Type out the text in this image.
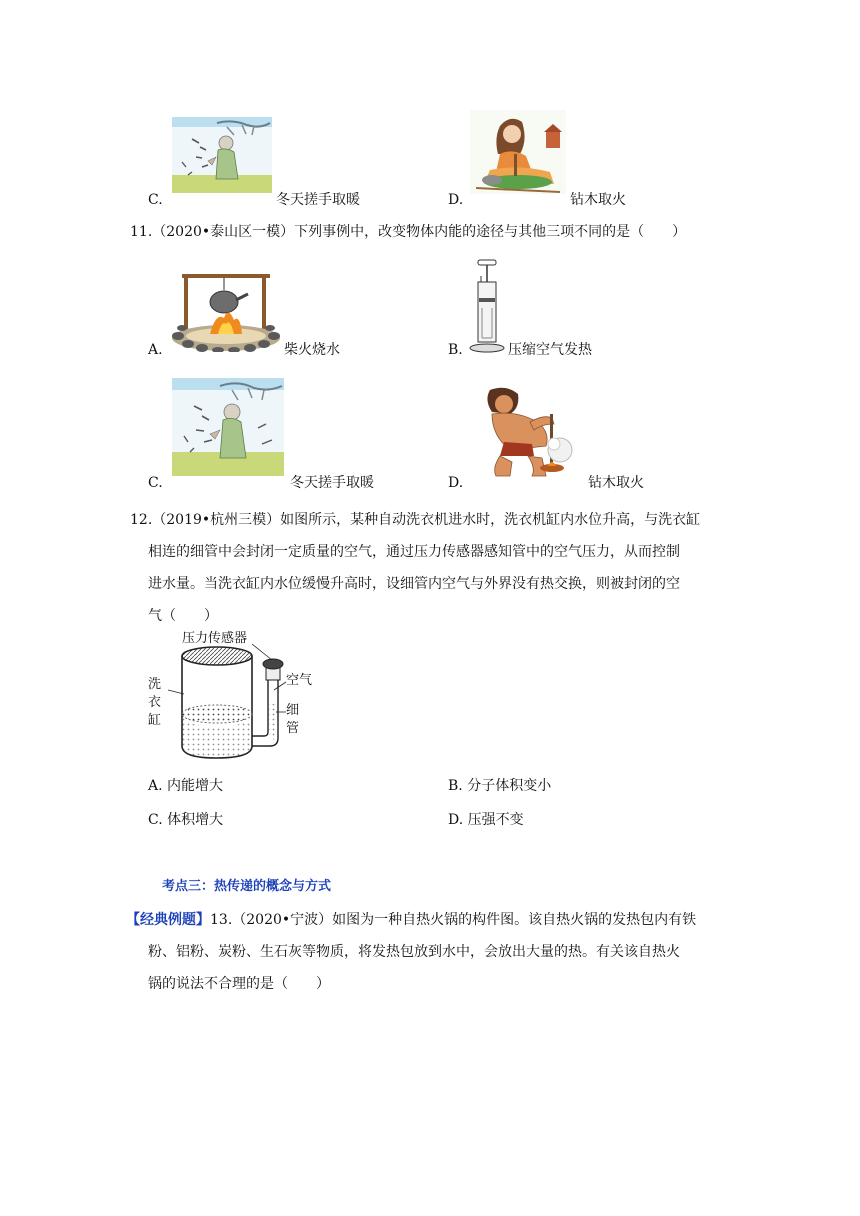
C.	冬天搓手取暖	D.	钻木取火
11.（2020•泰山区一模）下列事例中，改变物体内能的途径与其他三项不同的是（　　）
A.	柴火烧水	B.	压缩空气发热
C.	冬天搓手取暖	D.	钻木取火
12.（2019•杭州三模）如图所示，某种自动洗衣机进水时，洗衣机缸内水位升高，与洗衣缸
相连的细管中会封闭一定质量的空气，通过压力传感器感知管中的空气压力，从而控制
进水量。当洗衣缸内水位缓慢升高时，设细管内空气与外界没有热交换，则被封闭的空
气（　　）
压力传感器
空气
洗
衣
缸
细
管
A. 内能增大	B. 分子体积变小
C. 体积增大	D. 压强不变
考点三：热传递的概念与方式
【经典例题】13.（2020•宁波）如图为一种自热火锅的构件图。该自热火锅的发热包内有铁
粉、铝粉、炭粉、生石灰等物质，将发热包放到水中，会放出大量的热。有关该自热火
锅的说法不合理的是（　　）
